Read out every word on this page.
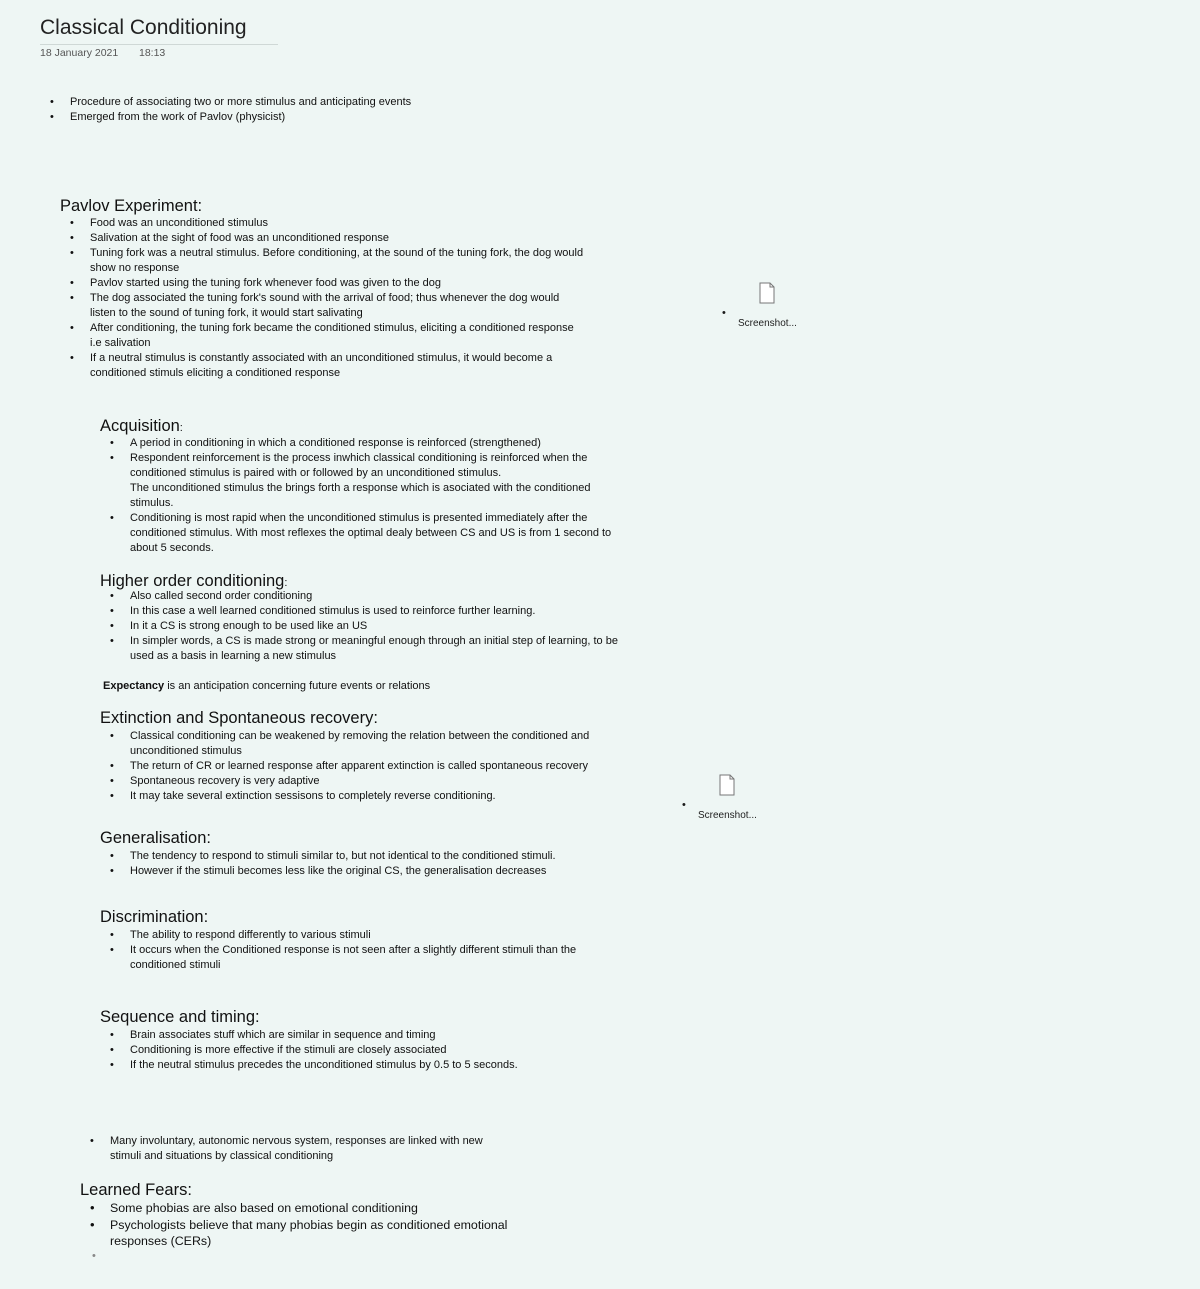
Classical Conditioning
18 January 2021 18:13
• Procedure of associating two or more stimulus and anticipating events
• Emerged from the work of Pavlov (physicist)
Pavlov Experiment:
• Food was an unconditioned stimulus
• Salivation at the sight of food was an unconditioned response
• Tuning fork was a neutral stimulus. Before conditioning, at the sound of the tuning fork, the dog would show no response
• Pavlov started using the tuning fork whenever food was given to the dog
• The dog associated the tuning fork's sound with the arrival of food; thus whenever the dog would listen to the sound of tuning fork, it would start salivating
• After conditioning, the tuning fork became the conditioned stimulus, eliciting a conditioned response i.e salivation
• If a neutral stimulus is constantly associated with an unconditioned stimulus, it would become a conditioned stimuls eliciting a conditioned response
•
Screenshot...
Acquisition:
• A period in conditioning in which a conditioned response is reinforced (strengthened)
• Respondent reinforcement is the process inwhich classical conditioning is reinforced when the conditioned stimulus is paired with or followed by an unconditioned stimulus.

The unconditioned stimulus the brings forth a response which is asociated with the conditioned stimulus.

• Conditioning is most rapid when the unconditioned stimulus is presented immediately after the conditioned stimulus. With most reflexes the optimal dealy between CS and US is from 1 second to about 5 seconds.
Higher order conditioning:
• Also called second order conditioning
• In this case a well learned conditioned stimulus is used to reinforce further learning.
• In it a CS is strong enough to be used like an US
• In simpler words, a CS is made strong or meaningful enough through an initial step of learning, to be used as a basis in learning a new stimulus

Expectancy is an anticipation concerning future events or relations

Extinction and Spontaneous recovery:
• Classical conditioning can be weakened by removing the relation between the conditioned and unconditioned stimulus
• The return of CR or learned response after apparent extinction is called spontaneous recovery
• Spontaneous recovery is very adaptive
• It may take several extinction sessisons to completely reverse conditioning.
•
Screenshot...
Generalisation:
• The tendency to respond to stimuli similar to, but not identical to the conditioned stimuli.
• However if the stimuli becomes less like the original CS, the generalisation decreases
Discrimination:
• The ability to respond differently to various stimuli
• It occurs when the Conditioned response is not seen after a slightly different stimuli than the conditioned stimuli
Sequence and timing:
• Brain associates stuff which are similar in sequence and timing
• Conditioning is more effective if the stimuli are closely associated
• If the neutral stimulus precedes the unconditioned stimulus by 0.5 to 5 seconds.
• Many involuntary, autonomic nervous system, responses are linked with new stimuli and situations by classical conditioning
Learned Fears:
• Some phobias are also based on emotional conditioning
• Psychologists believe that many phobias begin as conditioned emotional responses (CERs)
•
